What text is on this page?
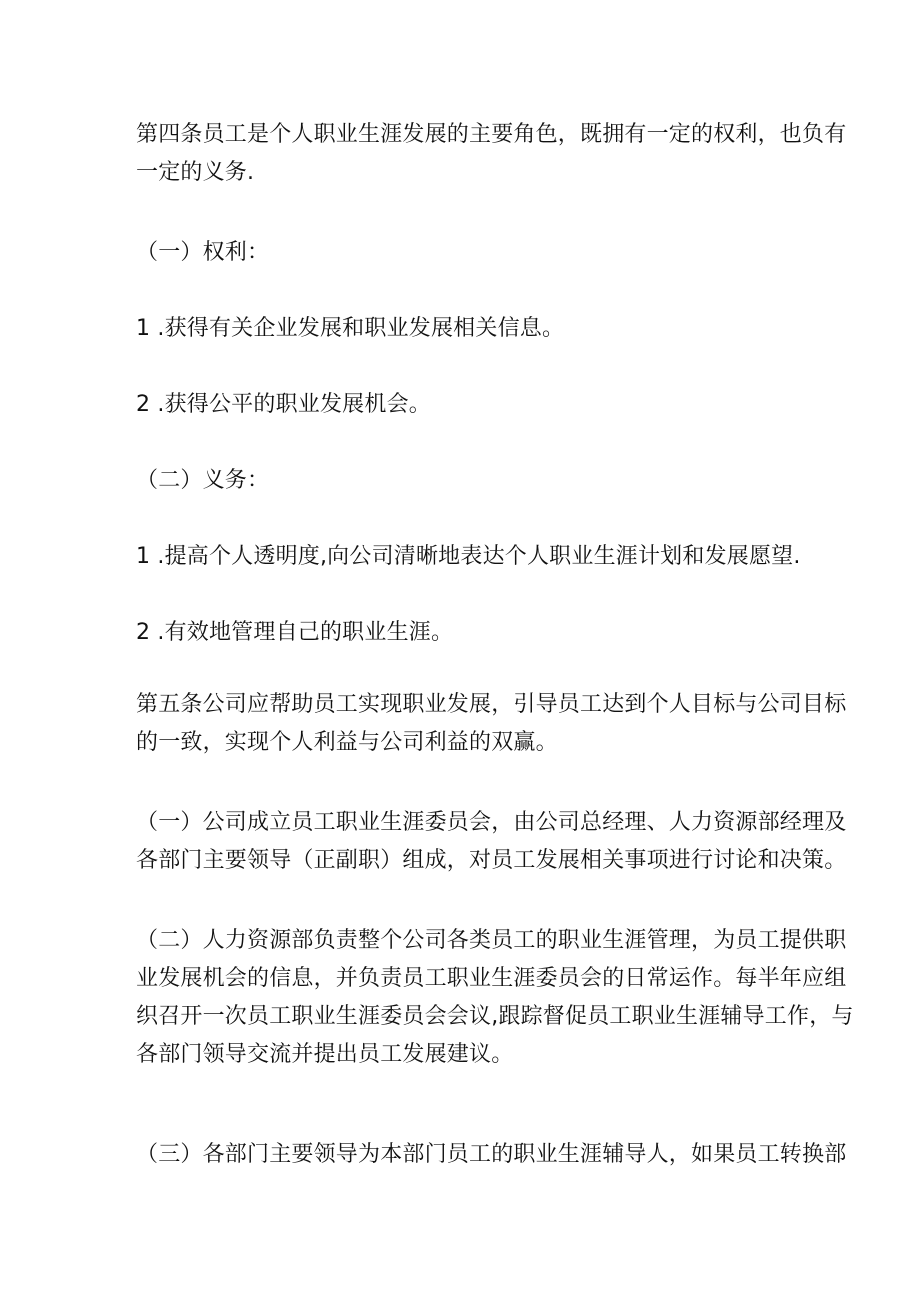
第四条员工是个人职业生涯发展的主要角色，既拥有一定的权利，也负有
一定的义务.

（一）权利：

1 .获得有关企业发展和职业发展相关信息。

2 .获得公平的职业发展机会。

（二）义务：

1 .提高个人透明度,向公司清晰地表达个人职业生涯计划和发展愿望.

2 .有效地管理自己的职业生涯。

第五条公司应帮助员工实现职业发展，引导员工达到个人目标与公司目标
的一致，实现个人利益与公司利益的双赢。

（一）公司成立员工职业生涯委员会，由公司总经理、人力资源部经理及
各部门主要领导（正副职）组成，对员工发展相关事项进行讨论和决策。

（二）人力资源部负责整个公司各类员工的职业生涯管理，为员工提供职
业发展机会的信息，并负责员工职业生涯委员会的日常运作。每半年应组
织召开一次员工职业生涯委员会会议,跟踪督促员工职业生涯辅导工作，与
各部门领导交流并提出员工发展建议。

（三）各部门主要领导为本部门员工的职业生涯辅导人，如果员工转换部
